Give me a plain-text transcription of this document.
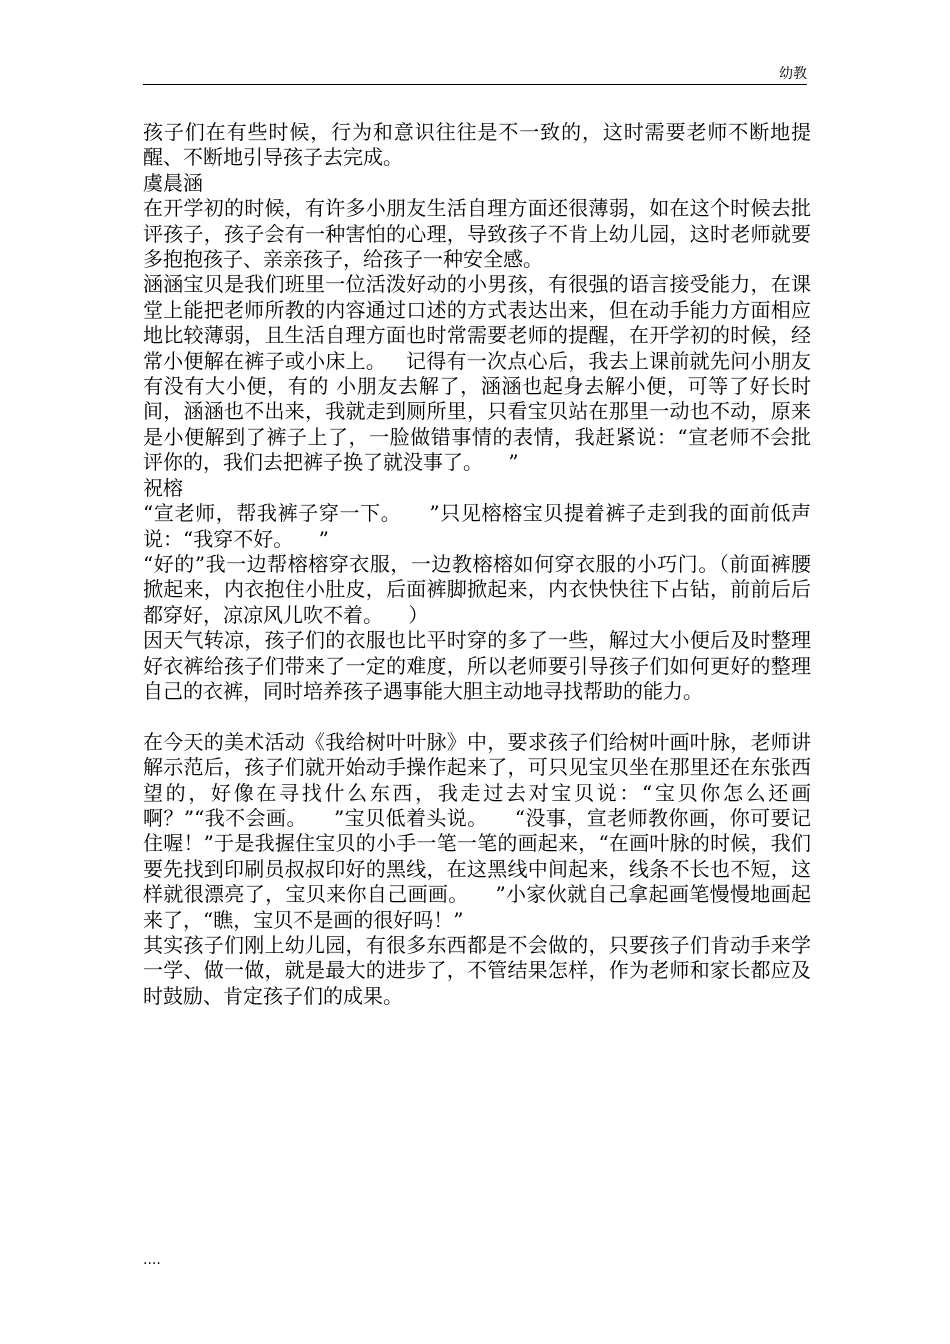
幼教

孩子们在有些时候，行为和意识往往是不一致的，这时需要老师不断地提醒、不断地引导孩子去完成。

虞晨涵

在开学初的时候，有许多小朋友生活自理方面还很薄弱，如在这个时候去批评孩子，孩子会有一种害怕的心理，导致孩子不肯上幼儿园，这时老师就要多抱抱孩子、亲亲孩子，给孩子一种安全感。

涵涵宝贝是我们班里一位活泼好动的小男孩，有很强的语言接受能力，在课堂上能把老师所教的内容通过口述的方式表达出来，但在动手能力方面相应地比较薄弱，且生活自理方面也时常需要老师的提醒，在开学初的时候，经常小便解在裤子或小床上。   记得有一次点心后，我去上课前就先问小朋友有没有大小便，有的 小朋友去解了，涵涵也起身去解小便，可等了好长时间，涵涵也不出来，我就走到厕所里，只看宝贝站在那里一动也不动，原来是小便解到了裤子上了，一脸做错事情的表情，我赶紧说：“宣老师不会批评你的，我们去把裤子换了就没事了。    ”

祝榕

“宣老师，帮我裤子穿一下。    ”只见榕榕宝贝提着裤子走到我的面前低声说：“我穿不好。    ”

“好的”我一边帮榕榕穿衣服，一边教榕榕如何穿衣服的小巧门。（前面裤腰掀起来，内衣抱住小肚皮，后面裤脚掀起来，内衣快快往下占钻，前前后后都穿好，凉凉风儿吹不着。    ）

因天气转凉，孩子们的衣服也比平时穿的多了一些，解过大小便后及时整理好衣裤给孩子们带来了一定的难度，所以老师要引导孩子们如何更好的整理自己的衣裤，同时培养孩子遇事能大胆主动地寻找帮助的能力。

在今天的美术活动《我给树叶叶脉》中，要求孩子们给树叶画叶脉，老师讲解示范后，孩子们就开始动手操作起来了，可只见宝贝坐在那里还在东张西望的，好像在寻找什么东西，我走过去对宝贝说：“宝贝你怎么还画啊？”“我不会画。    ”宝贝低着头说。    “没事，宣老师教你画，你可要记住喔！”于是我握住宝贝的小手一笔一笔的画起来，“在画叶脉的时候，我们要先找到印刷员叔叔印好的黑线，在这黑线中间起来，线条不长也不短，这样就很漂亮了，宝贝来你自己画画。    ”小家伙就自己拿起画笔慢慢地画起来了，“瞧，宝贝不是画的很好吗！”

其实孩子们刚上幼儿园，有很多东西都是不会做的，只要孩子们肯动手来学一学、做一做，就是最大的进步了，不管结果怎样，作为老师和家长都应及时鼓励、肯定孩子们的成果。

....
